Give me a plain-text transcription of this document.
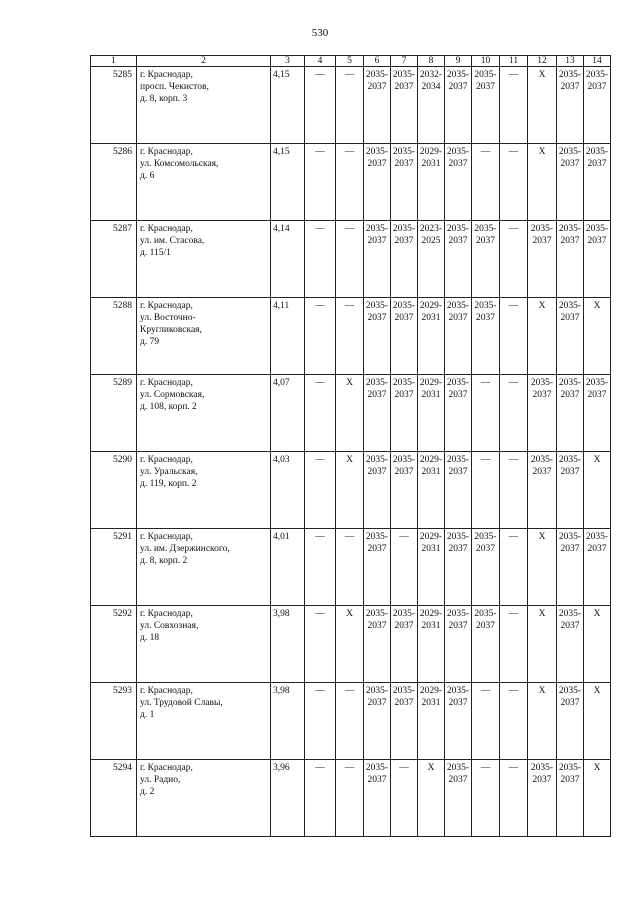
530
1	2	3	4	5	6	7	8	9	10	11	12	13	14
5285	г. Краснодар,
просп. Чекистов,
д. 8, корп. 3	4,15	—	—	2035-
2037	2035-
2037	2032-
2034	2035-
2037	2035-
2037	—	X	2035-
2037	2035-
2037

5286	г. Краснодар,
ул. Комсомольская,
д. 6	4,15	—	—	2035-
2037	2035-
2037	2029-
2031	2035-
2037	—	—	X	2035-
2037	2035-
2037

5287	г. Краснодар,
ул. им. Стасова,
д. 115/1	4,14	—	—	2035-
2037	2035-
2037	2023-
2025	2035-
2037	2035-
2037	—	2035-
2037	2035-
2037	2035-
2037

5288	г. Краснодар,
ул. Восточно-
Кругликовская,
д. 79	4,11	—	—	2035-
2037	2035-
2037	2029-
2031	2035-
2037	2035-
2037	—	X	2035-
2037	X
5289	г. Краснодар,
ул. Сормовская,
д. 108, корп. 2	4,07	—	X	2035-
2037	2035-
2037	2029-
2031	2035-
2037	—	—	2035-
2037	2035-
2037	2035-
2037

5290	г. Краснодар,
ул. Уральская,
д. 119, корп. 2	4,03	—	X	2035-
2037	2035-
2037	2029-
2031	2035-
2037	—	—	2035-
2037	2035-
2037	X
5291	г. Краснодар,
ул. им. Дзержинского,
д. 8, корп. 2	4,01	—	—	2035-
2037	—	2029-
2031	2035-
2037	2035-
2037	—	X	2035-
2037	2035-
2037

5292	г. Краснодар,
ул. Совхозная,
д. 18	3,98	—	X	2035-
2037	2035-
2037	2029-
2031	2035-
2037	2035-
2037	—	X	2035-
2037	X
5293	г. Краснодар,
ул. Трудовой Славы,
д. 1	3,98	—	—	2035-
2037	2035-
2037	2029-
2031	2035-
2037	—	—	X	2035-
2037	X
5294	г. Краснодар,
ул. Радио,
д. 2	3,96	—	—	2035-
2037	—	X	2035-
2037	—	—	2035-
2037	2035-
2037	X
